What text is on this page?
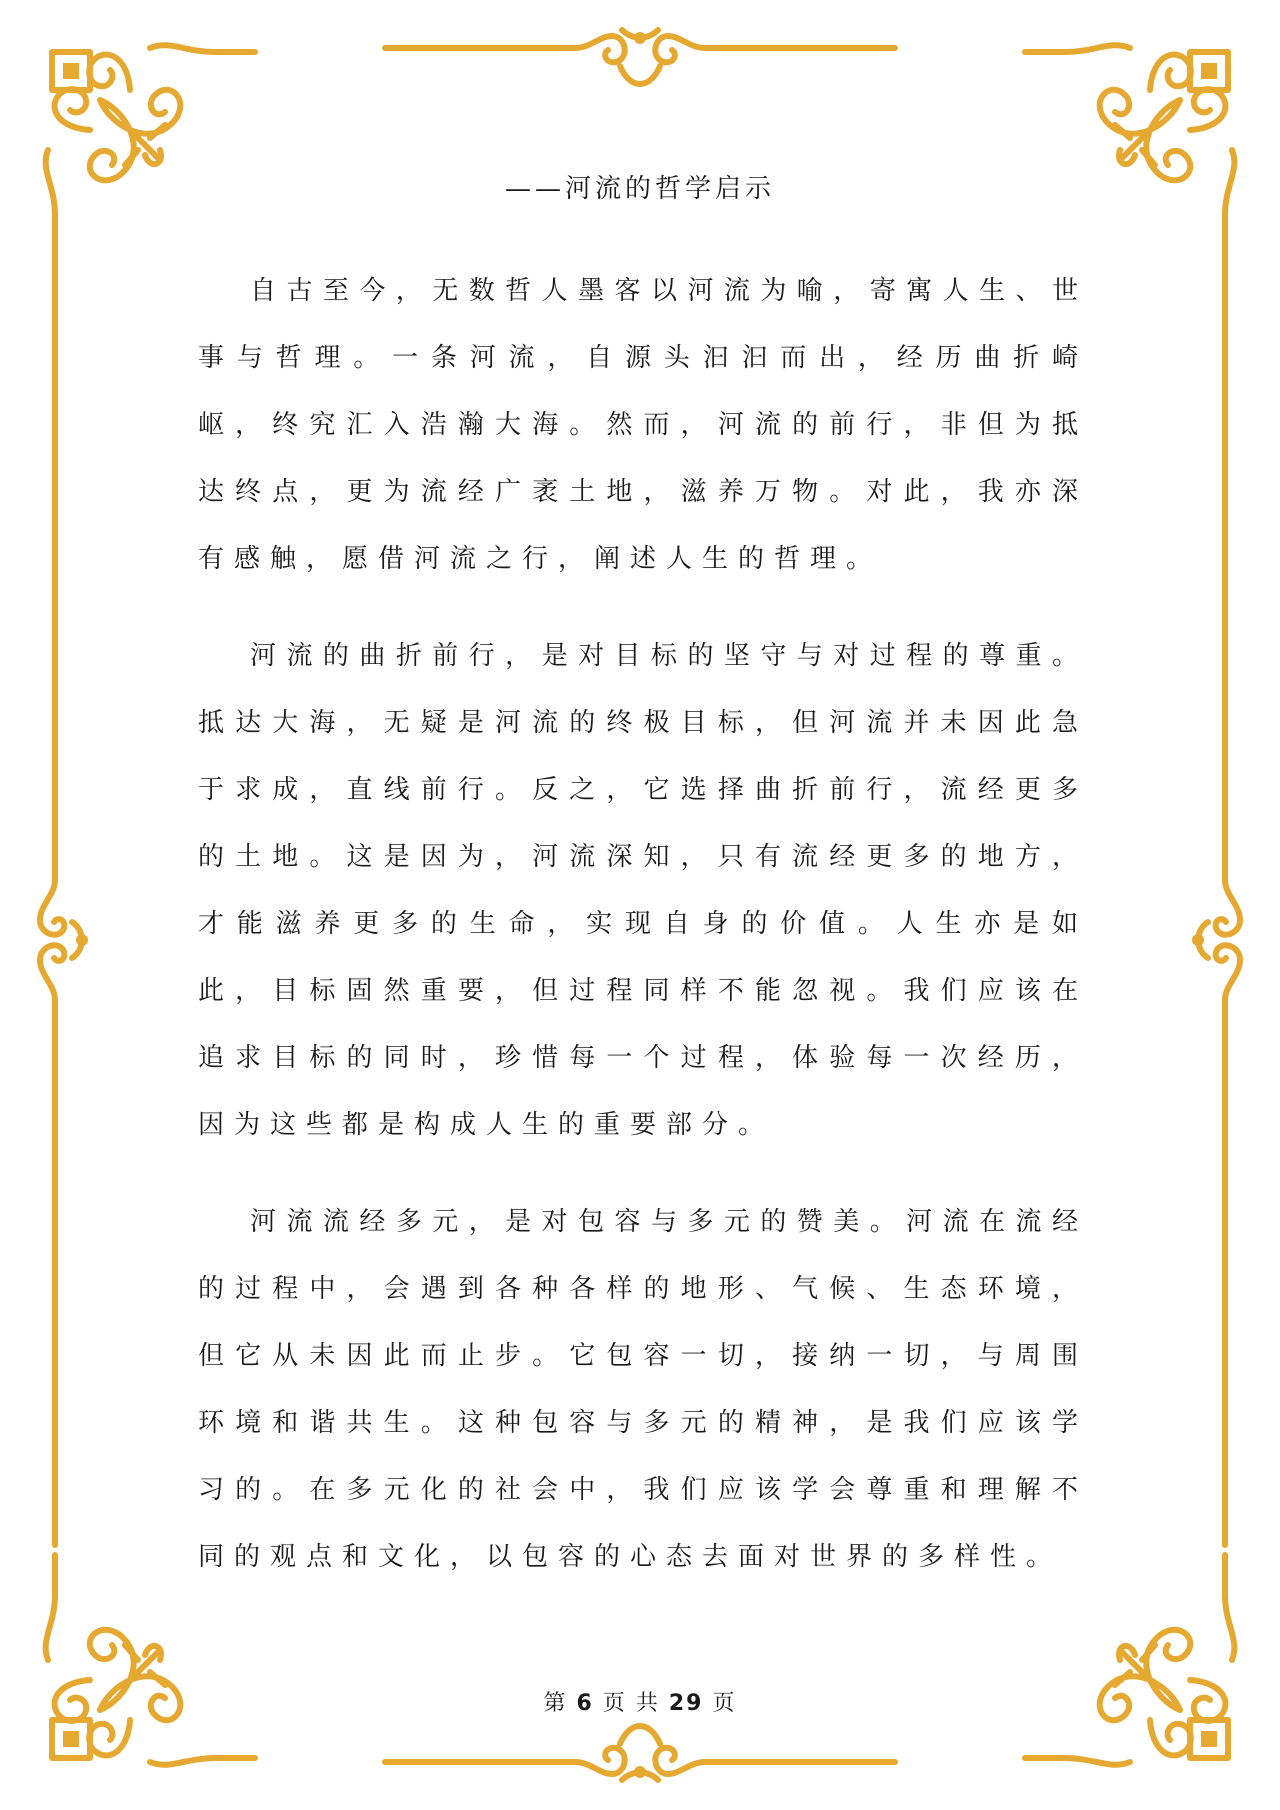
——河流的哲学启示

自古至今，无数哲人墨客以河流为喻，寄寓人生、世事与哲理。一条河流，自源头汩汩而出，经历曲折崎岖，终究汇入浩瀚大海。然而，河流的前行，非但为抵达终点，更为流经广袤土地，滋养万物。对此，我亦深有感触，愿借河流之行，阐述人生的哲理。

河流的曲折前行，是对目标的坚守与对过程的尊重。抵达大海，无疑是河流的终极目标，但河流并未因此急于求成，直线前行。反之，它选择曲折前行，流经更多的土地。这是因为，河流深知，只有流经更多的地方，才能滋养更多的生命，实现自身的价值。人生亦是如此，目标固然重要，但过程同样不能忽视。我们应该在追求目标的同时，珍惜每一个过程，体验每一次经历，因为这些都是构成人生的重要部分。

河流流经多元，是对包容与多元的赞美。河流在流经的过程中，会遇到各种各样的地形、气候、生态环境，但它从未因此而止步。它包容一切，接纳一切，与周围环境和谐共生。这种包容与多元的精神，是我们应该学习的。在多元化的社会中，我们应该学会尊重和理解不同的观点和文化，以包容的心态去面对世界的多样性。

第 6 页 共 29 页
